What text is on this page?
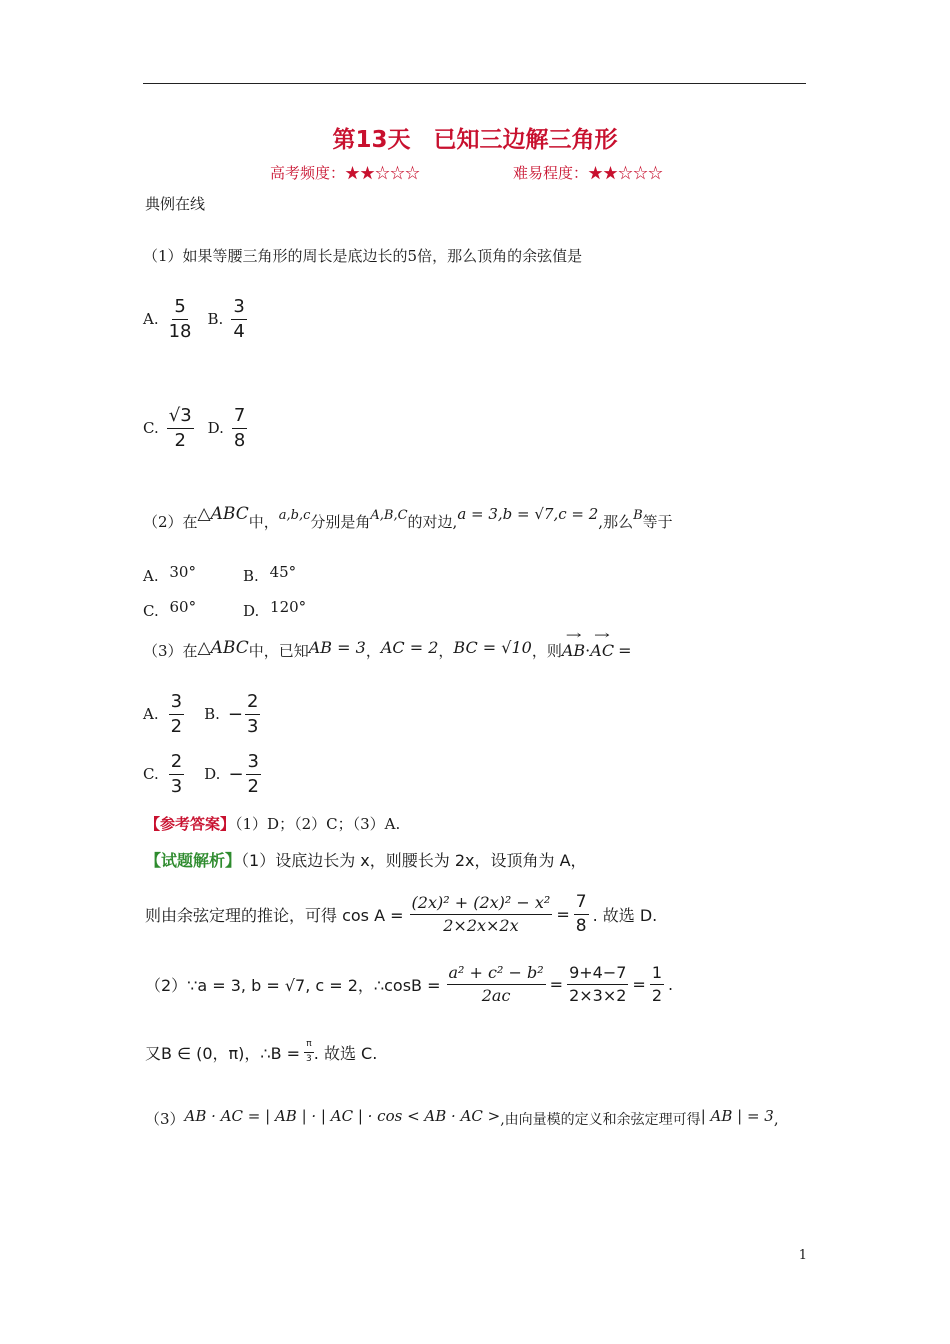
第13天　已知三边解三角形
高考频度：★★☆☆☆	难易程度：★★☆☆☆
典例在线
（1）如果等腰三角形的周长是底边长的5倍，那么顶角的余弦值是
A. $\frac{5}{18} B$. $\frac{3}{4}$
C. $\frac{√3}{2} D$. $\frac{7}{8}$
（2）在△ABC中，a,b,c分别是角A,B,C的对边,a = 3,b = √7,c = 2,那么B等于
A. 30°	B. 45°
C. 60°	D. 120°
（3）在△ABC中，已知AB = 3，AC = 2，BC = √10，则→ AB·→ AC =
A. $\frac{3}{2} B$. − $\frac{2}{3}$
C. $\frac{2}{3} D$. − $\frac{3}{2}$
【参考答案】（1）D；（2）C；（3）A.
【试题解析】（1）设底边长为 x，则腰长为 2x，设顶角为 A，
则由余弦定理的推论，可得 $\cos A = \frac{\text{(2x)² + (2x)² − x²}}{2\times 2x\times 2x} = \frac{7}{8}$ . 故选 D.
（2）∵a = 3, b = √7, c = 2，∴cosB = $\frac{\text{a² + c² − b²}}{2ac} = \frac{9+4-7}{2\times 3\times 2} = \frac{1}{2}$ .
又B ∈ (0，π)，∴B = $\frac{\pi}{3}$ . 故选 C.
（3） AB · AC = | AB | · | AC | · cos < AB · AC > ,由向量模的定义和余弦定理可得 | AB | = 3 ,
1
